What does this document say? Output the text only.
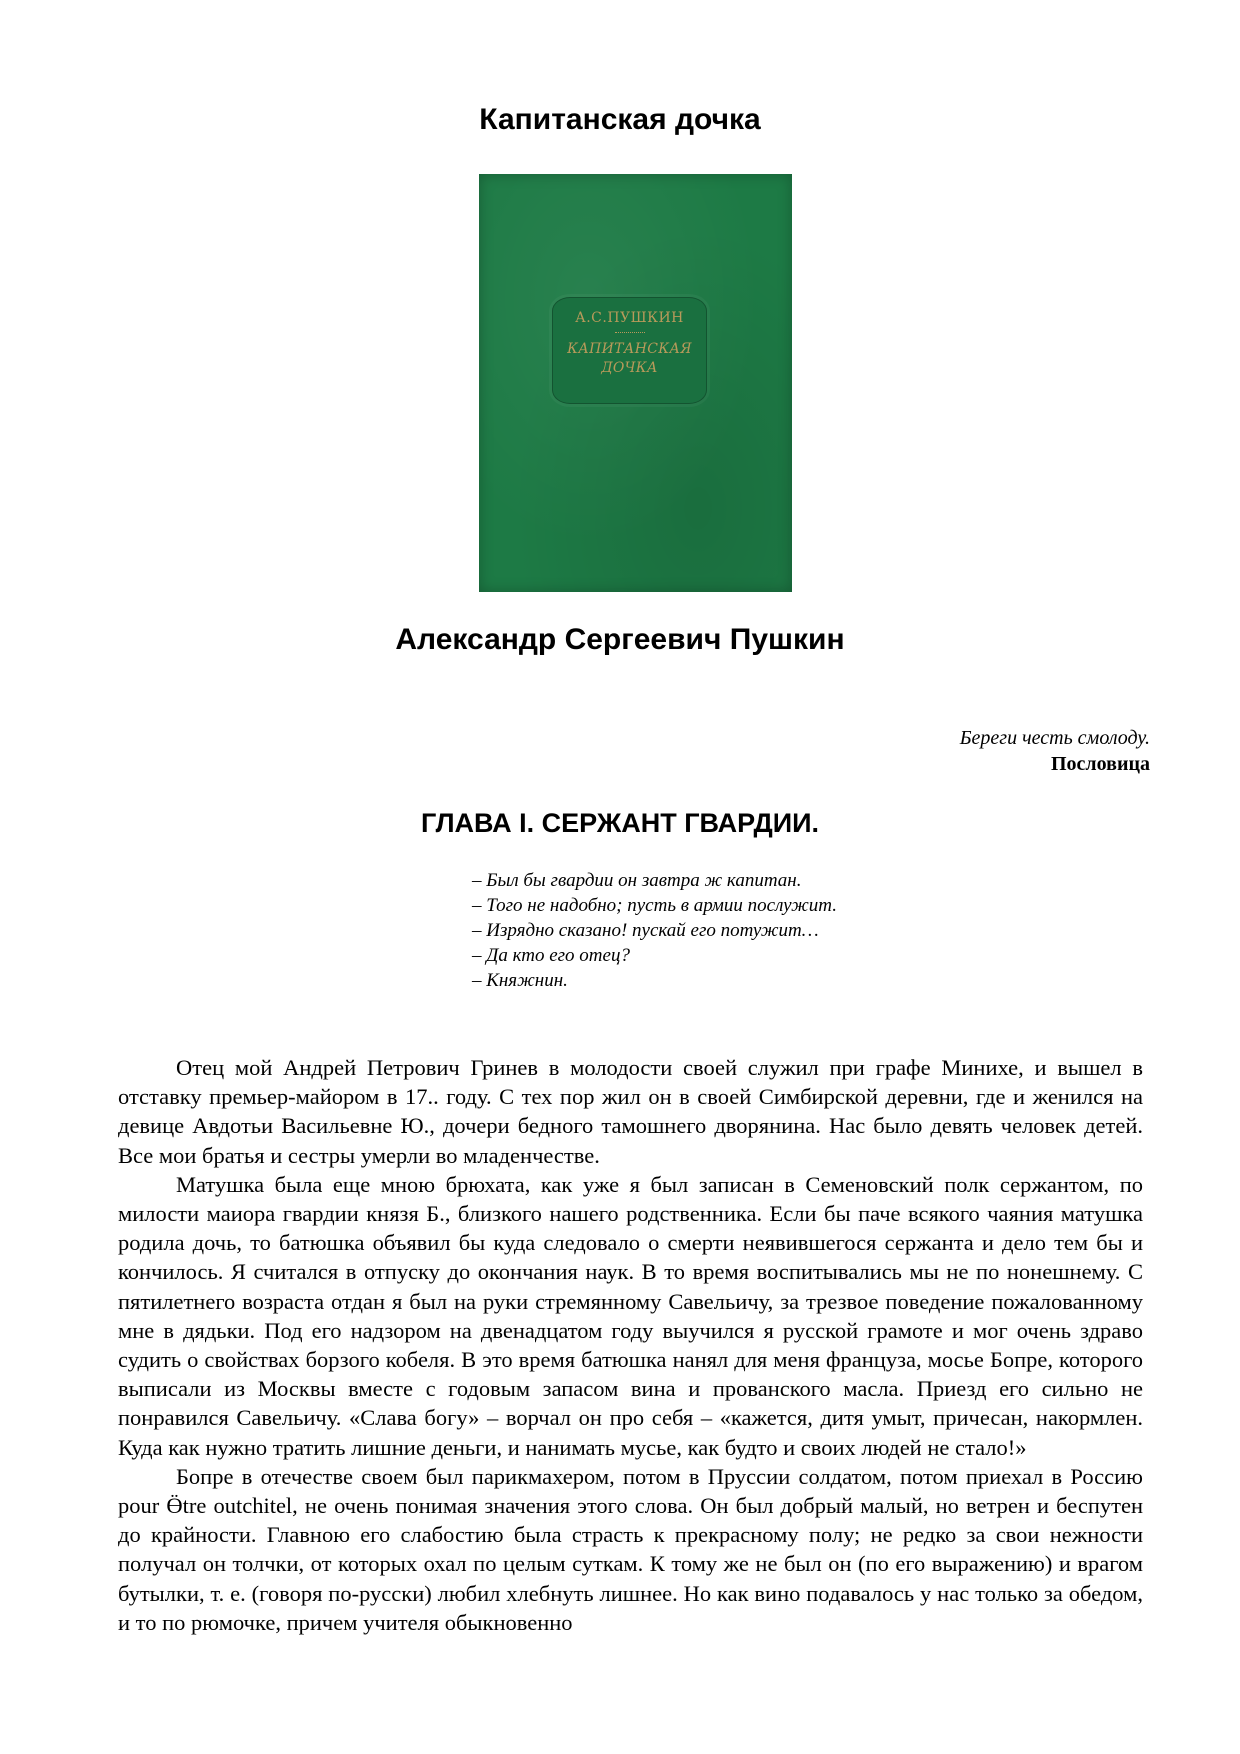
Капитанская дочка
А.С.ПУШКИН
КАПИТАНСКАЯ
ДОЧКА
Александр Сергеевич Пушкин
Береги честь смолоду.
Пословица
ГЛАВА I. СЕРЖАНТ ГВАРДИИ.
– Был бы гвардии он завтра ж капитан.
– Того не надобно; пусть в армии послужит.
– Изрядно сказано! пускай его потужит…
– Да кто его отец?
– Княжнин.

Отец мой Андрей Петрович Гринев в молодости своей служил при графе Минихе, и вышел в отставку премьер-майором в 17.. году. С тех пор жил он в своей Симбирской деревни, где и женился на девице Авдотьи Васильевне Ю., дочери бедного тамошнего дворянина. Нас было девять человек детей. Все мои братья и сестры умерли во младенчестве.

Матушка была еще мною брюхата, как уже я был записан в Семеновский полк сержантом, по милости маиора гвардии князя Б., близкого нашего родственника. Если бы паче всякого чаяния матушка родила дочь, то батюшка объявил бы куда следовало о смерти неявившегося сержанта и дело тем бы и кончилось. Я считался в отпуску до окончания наук. В то время воспитывались мы не по нонешнему. С пятилетнего возраста отдан я был на руки стремянному Савельичу, за трезвое поведение пожалованному мне в дядьки. Под его надзором на двенадцатом году выучился я русской грамоте и мог очень здраво судить о свойствах борзого кобеля. В это время батюшка нанял для меня француза, мосье Бопре, которого выписали из Москвы вместе с годовым запасом вина и прованского масла. Приезд его сильно не понравился Савельичу. «Слава богу» – ворчал он про себя – «кажется, дитя умыт, причесан, накормлен. Куда как нужно тратить лишние деньги, и нанимать мусье, как будто и своих людей не стало!»

Бопре в отечестве своем был парикмахером, потом в Пруссии солдатом, потом приехал в Россию pour Ӫtre outchitel, не очень понимая значения этого слова. Он был добрый малый, но ветрен и беспутен до крайности. Главною его слабостию была страсть к прекрасному полу; не редко за свои нежности получал он толчки, от которых охал по целым суткам. К тому же не был он (по его выражению) и врагом бутылки, т. е. (говоря по-русски) любил хлебнуть лишнее. Но как вино подавалось у нас только за обедом, и то по рюмочке, причем учителя обыкновенно
